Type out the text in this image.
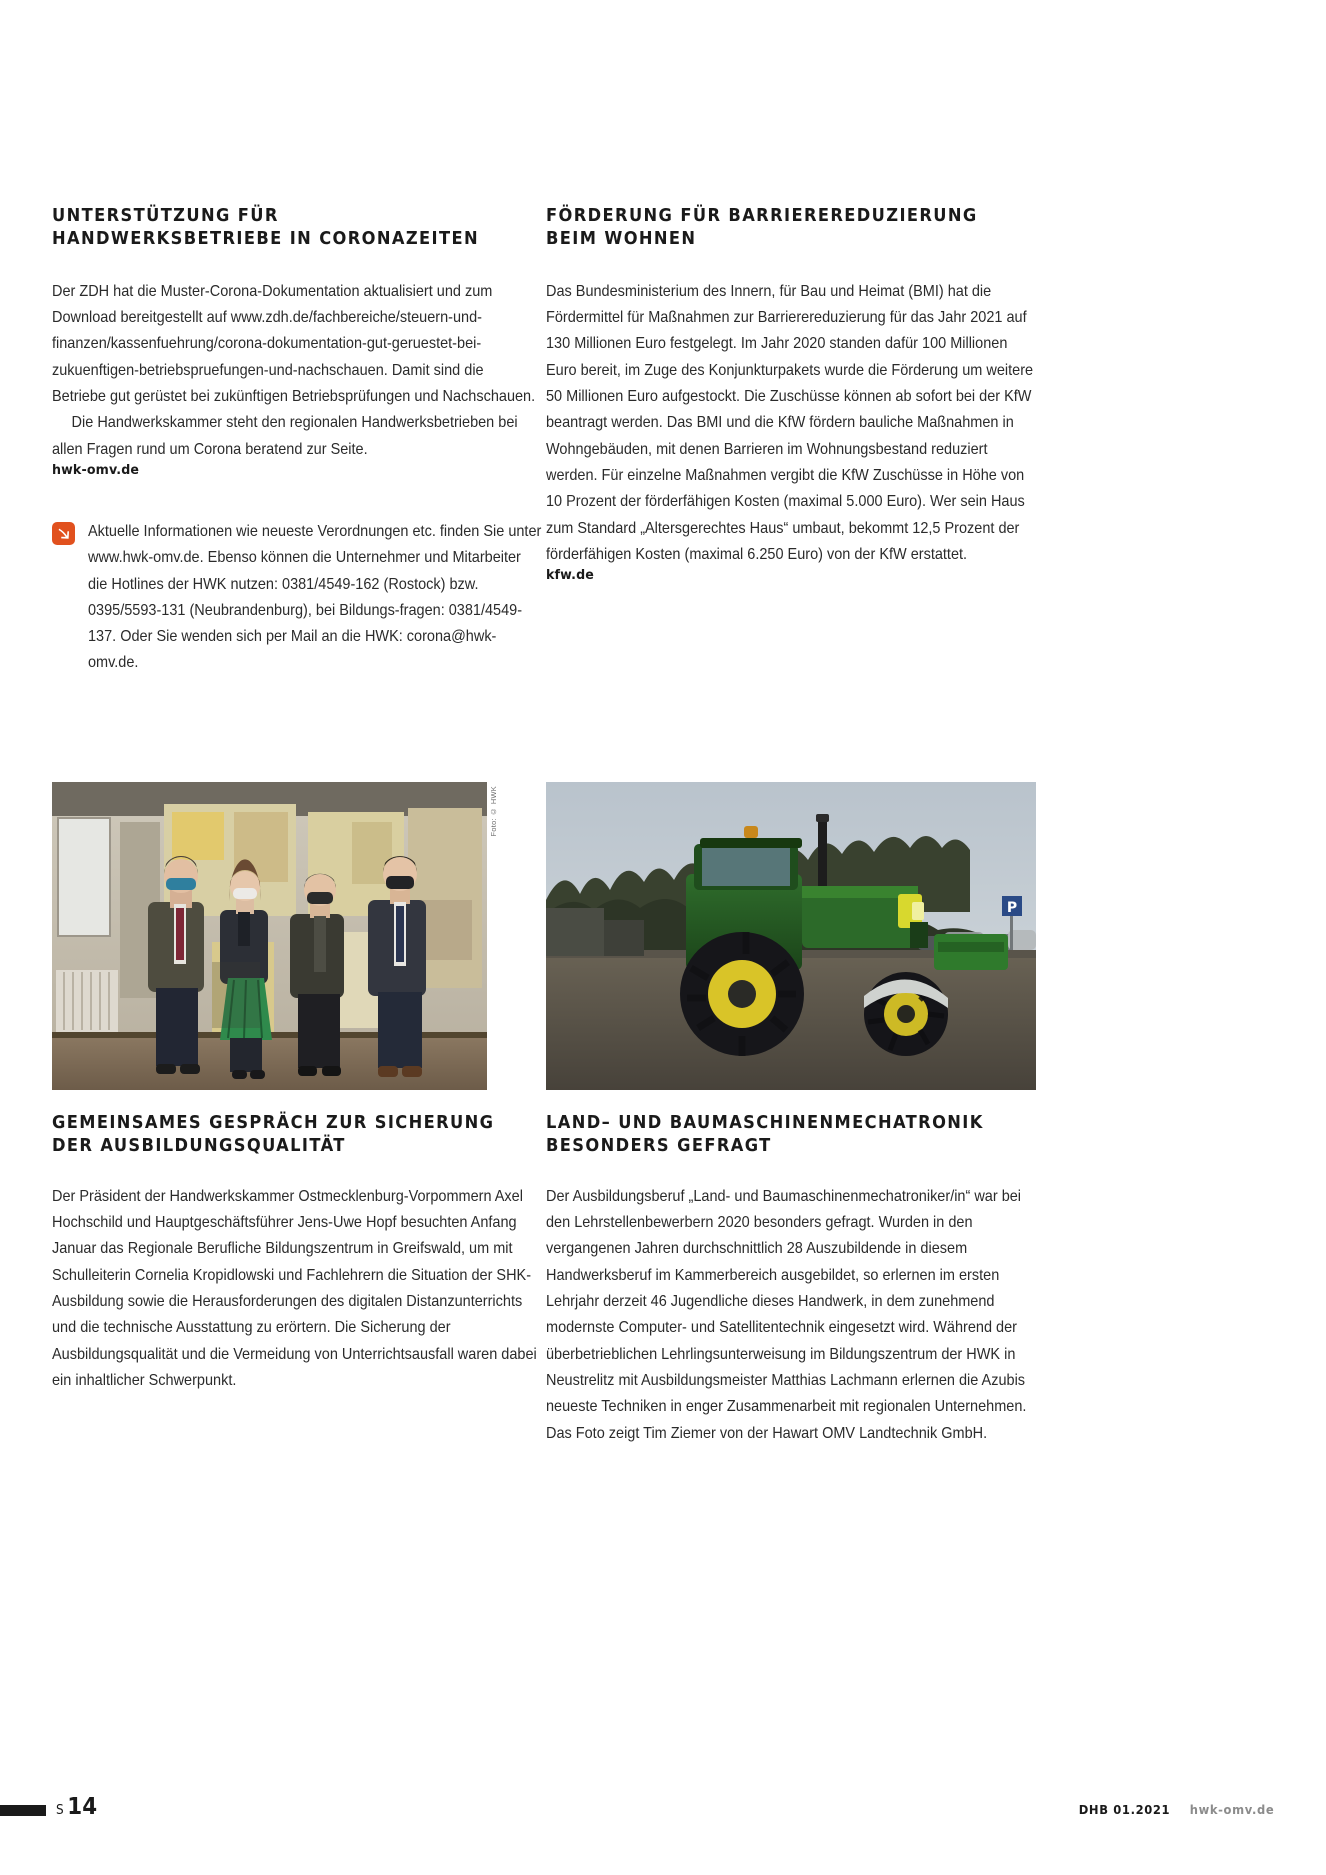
UNTERSTÜTZUNG FÜR HANDWERKSBETRIEBE IN CORONAZEITEN

Der ZDH hat die Muster-Corona-Dokumentation aktualisiert und zum Download bereitgestellt auf www.zdh.de/fachbereiche/steuern-und-finanzen/kassenfuehrung/corona-dokumentation-gut-geruestet-bei-zukuenftigen-betriebspruefungen-und-nachschauen. Damit sind die Betriebe gut gerüstet bei zukünftigen Betriebsprüfungen und Nachschauen.

Die Handwerkskammer steht den regionalen Handwerksbetrieben bei allen Fragen rund um Corona beratend zur Seite.

hwk-omv.de

Aktuelle Informationen wie neueste Verordnungen etc. finden Sie unter www.hwk-omv.de. Ebenso können die Unternehmer und Mitarbeiter die Hotlines der HWK nutzen: 0381/4549-162 (Rostock) bzw. 0395/5593-131 (Neubrandenburg), bei Bildungs-fragen: 0381/4549-137. Oder Sie wenden sich per Mail an die HWK: corona@hwk-omv.de.

FÖRDERUNG FÜR BARRIEREREDUZIERUNG BEIM WOHNEN

Das Bundesministerium des Innern, für Bau und Heimat (BMI) hat die Fördermittel für Maßnahmen zur Barrierereduzierung für das Jahr 2021 auf 130 Millionen Euro festgelegt. Im Jahr 2020 standen dafür 100 Millionen Euro bereit, im Zuge des Konjunkturpakets wurde die Förderung um weitere 50 Millionen Euro aufgestockt. Die Zuschüsse können ab sofort bei der KfW beantragt werden. Das BMI und die KfW fördern bauliche Maßnahmen in Wohngebäuden, mit denen Barrieren im Wohnungsbestand reduziert werden. Für einzelne Maßnahmen vergibt die KfW Zuschüsse in Höhe von 10 Prozent der förderfähigen Kosten (maximal 5.000 Euro). Wer sein Haus zum Standard „Altersgerechtes Haus“ umbaut, bekommt 12,5 Prozent der förderfähigen Kosten (maximal 6.250 Euro) von der KfW erstattet.

kfw.de
Foto: © HWK
P
GEMEINSAMES GESPRÄCH ZUR SICHERUNG DER AUSBILDUNGSQUALITÄT

Der Präsident der Handwerkskammer Ostmecklenburg-Vorpommern Axel Hochschild und Hauptgeschäftsführer Jens-Uwe Hopf besuchten Anfang Januar das Regionale Berufliche Bildungszentrum in Greifswald, um mit Schulleiterin Cornelia Kropidlowski und Fachlehrern die Situation der SHK-Ausbildung sowie die Herausforderungen des digitalen Distanzunterrichts und die technische Ausstattung zu erörtern. Die Sicherung der Ausbildungsqualität und die Vermeidung von Unterrichtsausfall waren dabei ein inhaltlicher Schwerpunkt.

LAND– UND BAUMASCHINENMECHATRONIK BESONDERS GEFRAGT

Der Ausbildungsberuf „Land- und Baumaschinenmechatroniker/in“ war bei den Lehrstellenbewerbern 2020 besonders gefragt. Wurden in den vergangenen Jahren durchschnittlich 28 Auszubildende in diesem Handwerksberuf im Kammerbereich ausgebildet, so erlernen im ersten Lehrjahr derzeit 46 Jugendliche dieses Handwerk, in dem zunehmend modernste Computer- und Satellitentechnik eingesetzt wird. Während der überbetrieblichen Lehrlingsunterweisung im Bildungszentrum der HWK in Neustrelitz mit Ausbildungsmeister Matthias Lachmann erlernen die Azubis neueste Techniken in enger Zusammenarbeit mit regionalen Unternehmen. Das Foto zeigt Tim Ziemer von der Hawart OMV Landtechnik GmbH.

S 14	DHB 01.2021 hwk-omv.de
